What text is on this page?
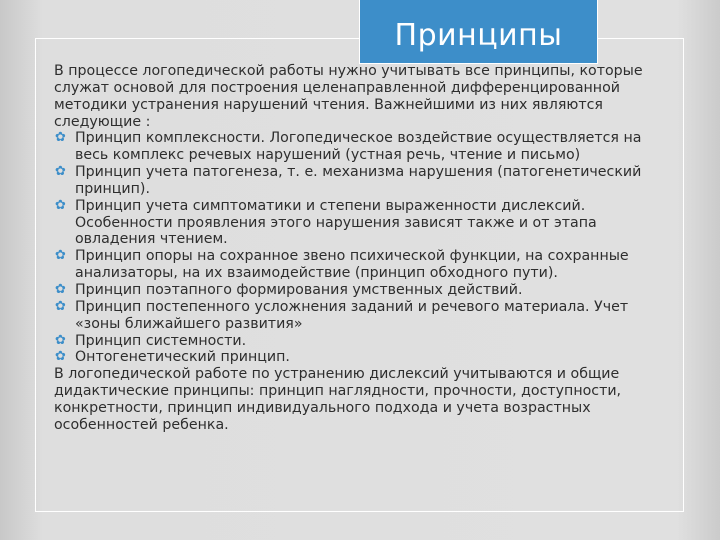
Принципы

В процессе логопедической работы нужно учитывать все принципы, которые служат основой для построения целенаправленной дифференцированной методики устранения нарушений чтения. Важнейшими из них являются следующие :

✿ Принцип комплексности. Логопедическое воздействие осуществляется на весь комплекс речевых нарушений (устная речь, чтение и письмо)
✿ Принцип учета патогенеза, т. е. механизма нарушения (патогенетический принцип).
✿ Принцип учета симптоматики и степени выраженности дислексий. Особенности проявления этого нарушения зависят также и от этапа овладения чтением.
✿ Принцип опоры на сохранное звено психической функции, на сохранные анализаторы, на их взаимодействие (принцип обходного пути).
✿ Принцип поэтапного формирования умственных действий.
✿ Принцип постепенного усложнения заданий и речевого материала. Учет «зоны ближайшего развития»
✿ Принцип системности.
✿ Онтогенетический принцип.

В логопедической работе по устранению дислексий учитываются и общие дидактические принципы: принцип наглядности, прочности, доступности, конкретности, принцип индивидуального подхода и учета возрастных особенностей ребенка.
